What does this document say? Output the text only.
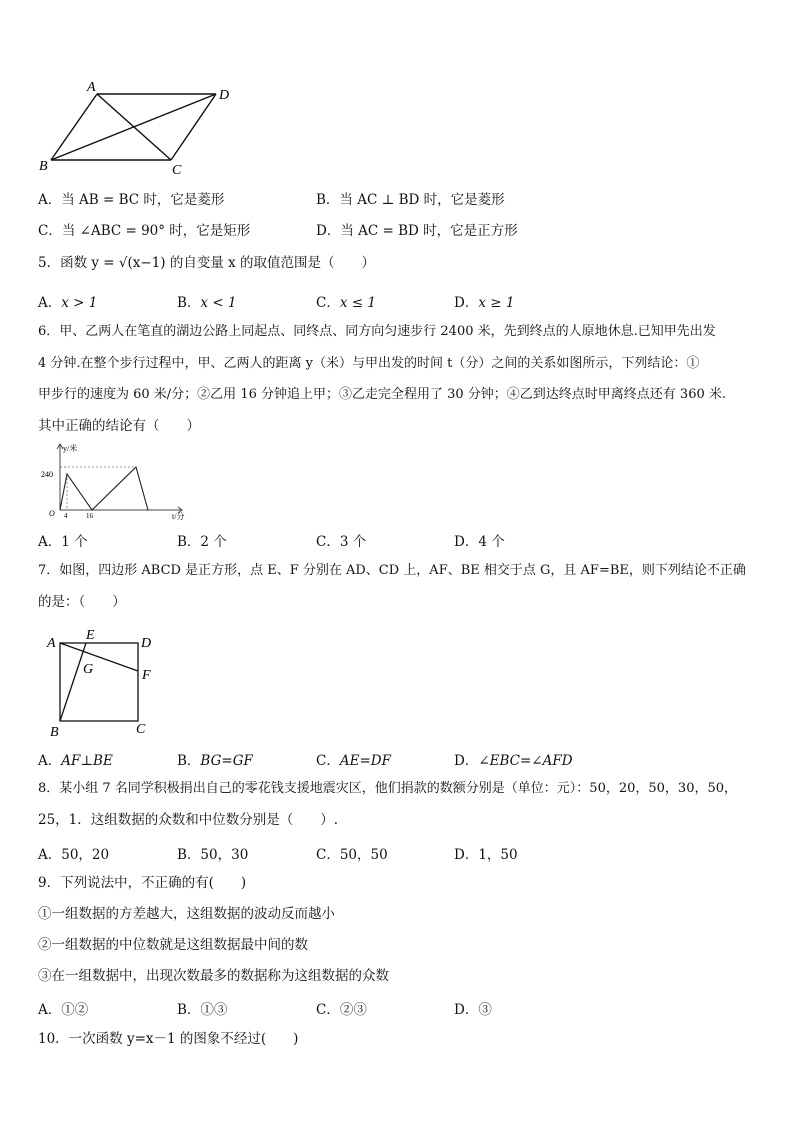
A
D
B	C
A．当 AB = BC 时，它是菱形	B．当 AC ⊥ BD 时，它是菱形
C．当 ∠ABC = 90° 时，它是矩形	D．当 AC = BD 时，它是正方形
5．函数 y = √(x−1) 的自变量 x 的取值范围是（　　）
A．x > 1	B．x < 1	C．x ≤ 1	D．x ≥ 1
6．甲、乙两人在笔直的湖边公路上同起点、同终点、同方向匀速步行 2400 米，先到终点的人原地休息.已知甲先出发
4 分钟.在整个步行过程中，甲、乙两人的距离 y（米）与甲出发的时间 t（分）之间的关系如图所示，下列结论：①
甲步行的速度为 60 米/分；②乙用 16 分钟追上甲；③乙走完全程用了 30 分钟；④乙到达终点时甲离终点还有 360 米.
其中正确的结论有（　　）
y/米
t/分
240
O 4	16
A．1 个	B．2 个	C．3 个	D．4 个
7．如图，四边形 ABCD 是正方形，点 E、F 分别在 AD、CD 上，AF、BE 相交于点 G，且 AF=BE，则下列结论不正确
的是：（　　）
A
E
D
G	F
B	C
A．AF⊥BE	B．BG=GF	C．AE=DF	D．∠EBC=∠AFD
8．某小组 7 名同学积极捐出自己的零花钱支援地震灾区，他们捐款的数额分别是（单位：元）：50，20，50，30，50，
25，1．这组数据的众数和中位数分别是（　　）.
A．50，20	B．50，30	C．50，50	D．1，50
9．下列说法中，不正确的有(　　)
①一组数据的方差越大，这组数据的波动反而越小
②一组数据的中位数就是这组数据最中间的数
③在一组数据中，出现次数最多的数据称为这组数据的众数
A．①②	B．①③	C．②③	D．③
10．一次函数 y=x－1 的图象不经过(　　)
